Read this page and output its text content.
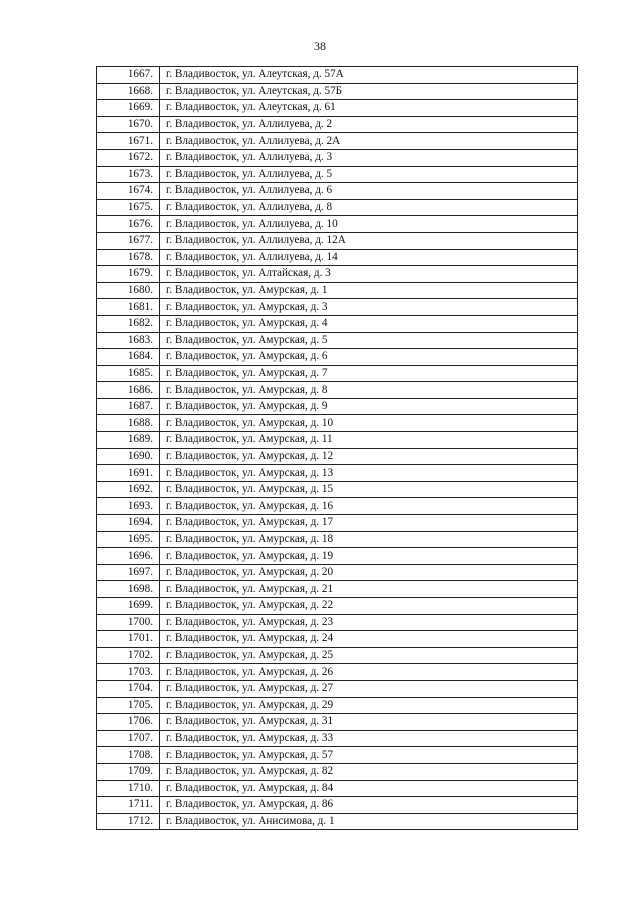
38
1667.	г. Владивосток, ул. Алеутская, д. 57А
1668.	г. Владивосток, ул. Алеутская, д. 57Б
1669.	г. Владивосток, ул. Алеутская, д. 61
1670.	г. Владивосток, ул. Аллилуева, д. 2
1671.	г. Владивосток, ул. Аллилуева, д. 2А
1672.	г. Владивосток, ул. Аллилуева, д. 3
1673.	г. Владивосток, ул. Аллилуева, д. 5
1674.	г. Владивосток, ул. Аллилуева, д. 6
1675.	г. Владивосток, ул. Аллилуева, д. 8
1676.	г. Владивосток, ул. Аллилуева, д. 10
1677.	г. Владивосток, ул. Аллилуева, д. 12А
1678.	г. Владивосток, ул. Аллилуева, д. 14
1679.	г. Владивосток, ул. Алтайская, д. 3
1680.	г. Владивосток, ул. Амурская, д. 1
1681.	г. Владивосток, ул. Амурская, д. 3
1682.	г. Владивосток, ул. Амурская, д. 4
1683.	г. Владивосток, ул. Амурская, д. 5
1684.	г. Владивосток, ул. Амурская, д. 6
1685.	г. Владивосток, ул. Амурская, д. 7
1686.	г. Владивосток, ул. Амурская, д. 8
1687.	г. Владивосток, ул. Амурская, д. 9
1688.	г. Владивосток, ул. Амурская, д. 10
1689.	г. Владивосток, ул. Амурская, д. 11
1690.	г. Владивосток, ул. Амурская, д. 12
1691.	г. Владивосток, ул. Амурская, д. 13
1692.	г. Владивосток, ул. Амурская, д. 15
1693.	г. Владивосток, ул. Амурская, д. 16
1694.	г. Владивосток, ул. Амурская, д. 17
1695.	г. Владивосток, ул. Амурская, д. 18
1696.	г. Владивосток, ул. Амурская, д. 19
1697.	г. Владивосток, ул. Амурская, д. 20
1698.	г. Владивосток, ул. Амурская, д. 21
1699.	г. Владивосток, ул. Амурская, д. 22
1700.	г. Владивосток, ул. Амурская, д. 23
1701.	г. Владивосток, ул. Амурская, д. 24
1702.	г. Владивосток, ул. Амурская, д. 25
1703.	г. Владивосток, ул. Амурская, д. 26
1704.	г. Владивосток, ул. Амурская, д. 27
1705.	г. Владивосток, ул. Амурская, д. 29
1706.	г. Владивосток, ул. Амурская, д. 31
1707.	г. Владивосток, ул. Амурская, д. 33
1708.	г. Владивосток, ул. Амурская, д. 57
1709.	г. Владивосток, ул. Амурская, д. 82
1710.	г. Владивосток, ул. Амурская, д. 84
1711.	г. Владивосток, ул. Амурская, д. 86
1712.	г. Владивосток, ул. Анисимова, д. 1
